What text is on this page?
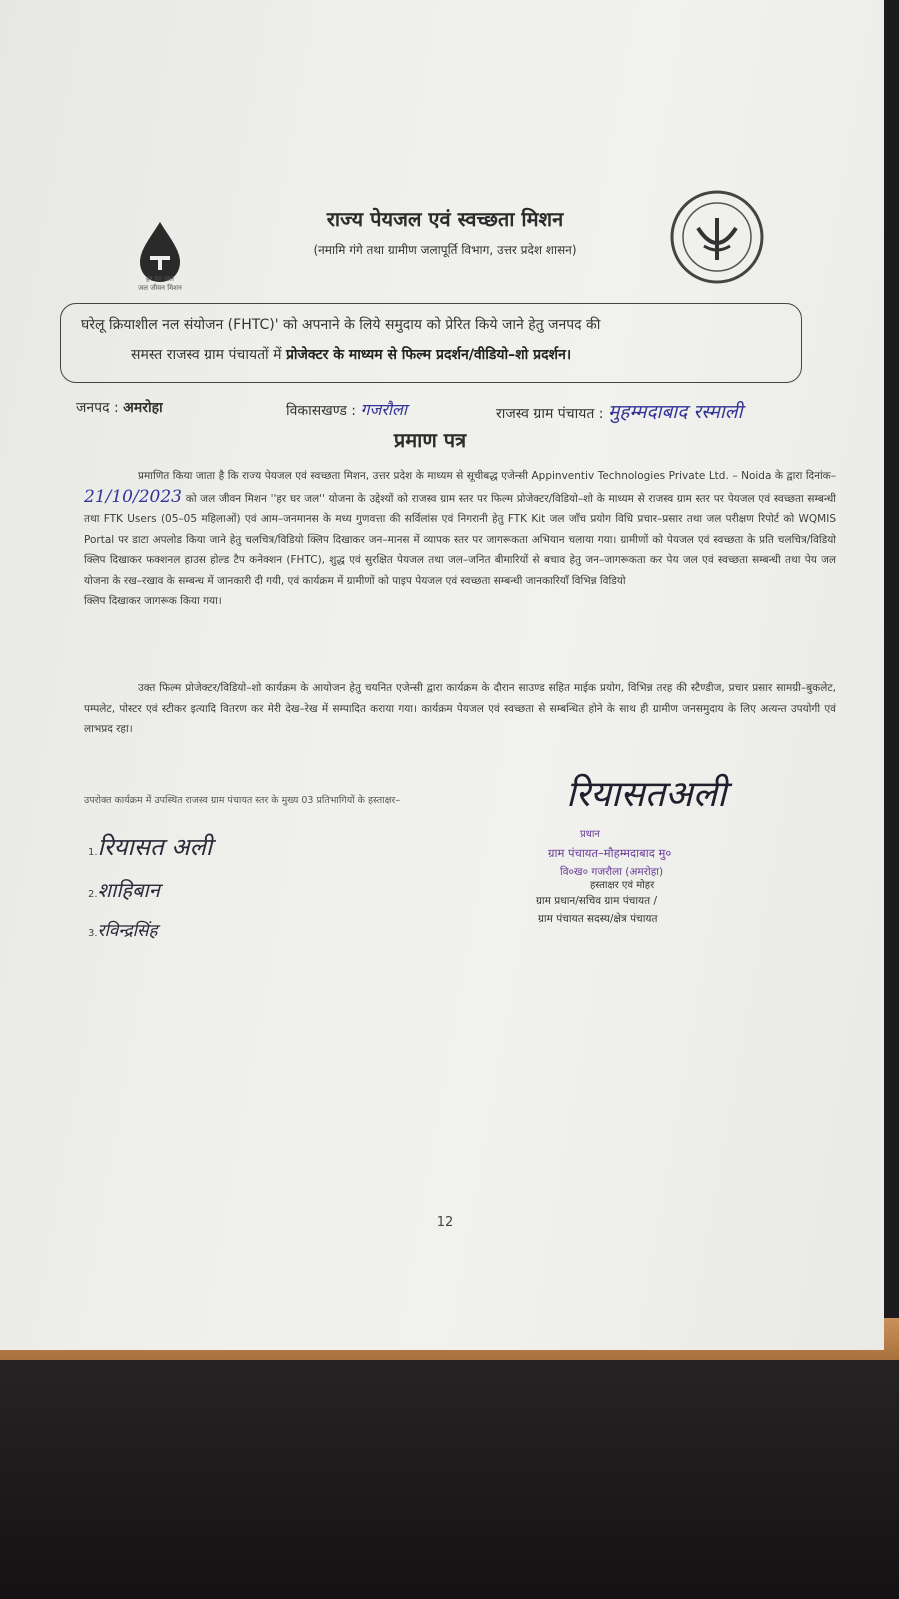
हर घर जल
जल जीवन मिशन
राज्य पेयजल एवं स्वच्छता मिशन
(नमामि गंगे तथा ग्रामीण जलापूर्ति विभाग, उत्तर प्रदेश शासन)
घरेलू क्रियाशील नल संयोजन (FHTC)' को अपनाने के लिये समुदाय को प्रेरित किये जाने हेतु जनपद की
समस्त राजस्व ग्राम पंचायतों में प्रोजेक्टर के माध्यम से फिल्म प्रदर्शन/वीडियो–शो प्रदर्शन।
जनपद : अमरोहा	विकासखण्ड : गजरौला	राजस्व ग्राम पंचायत : मुहम्मदाबाद रस्माली
प्रमाण पत्र
प्रमाणित किया जाता है कि राज्य पेयजल एवं स्वच्छता मिशन, उत्तर प्रदेश के माध्यम से सूचीबद्ध एजेन्सी Appinventiv Technologies Private Ltd. – Noida के द्वारा दिनांक–21/10/2023 को जल जीवन मिशन ''हर घर जल'' योजना के उद्देश्यों को राजस्व ग्राम स्तर पर फिल्म प्रोजेक्टर/विडियो–शो के माध्यम से राजस्व ग्राम स्तर पर पेयजल एवं स्वच्छता सम्बन्धी तथा FTK Users (05–05 महिलाओं) एवं आम–जनमानस के मध्य गुणवत्ता की सर्विलांस एवं निगरानी हेतु FTK Kit जल जाँच प्रयोग विधि प्रचार–प्रसार तथा जल परीक्षण रिपोर्ट को WQMIS Portal पर डाटा अपलोड किया जाने हेतु चलचित्र/विडियो क्लिप दिखाकर जन–मानस में व्यापक स्तर पर जागरूकता अभियान चलाया गया। ग्रामीणों को पेयजल एवं स्वच्छता के प्रति चलचित्र/विडियो क्लिप दिखाकर फक्शनल हाउस होल्ड टैप कनेक्शन (FHTC), शुद्ध एवं सुरक्षित पेयजल तथा जल–जनित बीमारियों से बचाव हेतु जन–जागरूकता कर पेय जल एवं स्वच्छता सम्बन्धी तथा पेय जल योजना के रख–रखाव के सम्बन्ध में जानकारी दी गयी, एवं कार्यक्रम में ग्रामीणों को पाइप पेयजल एवं स्वच्छता सम्बन्धी जानकारियाँ विभिन्न विडियो
क्लिप दिखाकर जागरूक किया गया।
उक्त फिल्म प्रोजेक्टर/विडियो–शो कार्यक्रम के आयोजन हेतु चयनित एजेन्सी द्वारा कार्यक्रम के दौरान साउण्ड सहित माईक प्रयोग, विभिन्न तरह की स्टैण्डीज, प्रचार प्रसार सामग्री–बुकलेट, पम्पलेट, पोस्टर एवं स्टीकर इत्यादि वितरण कर मेरी देख–रेख में सम्पादित कराया गया। कार्यक्रम पेयजल एवं स्वच्छता से सम्बन्धित होने के साथ ही ग्रामीण जनसमुदाय के लिए अत्यन्त उपयोगी एवं लाभप्रद रहा।
उपरोक्त कार्यक्रम में उपस्थित राजस्व ग्राम पंचायत स्तर के मुख्य 03 प्रतिभागियों के हस्ताक्षर–
1.रियासत अली
2.शाहिबान
3.रविन्द्रसिंह
रियासतअली
प्रधान
ग्राम पंचायत–मौहम्मदाबाद मु०
वि०ख० गजरौला (अमरोहा)
हस्ताक्षर एवं मोहर
ग्राम प्रधान/सचिव ग्राम पंचायत /
ग्राम पंचायत सदस्य/क्षेत्र पंचायत
12
